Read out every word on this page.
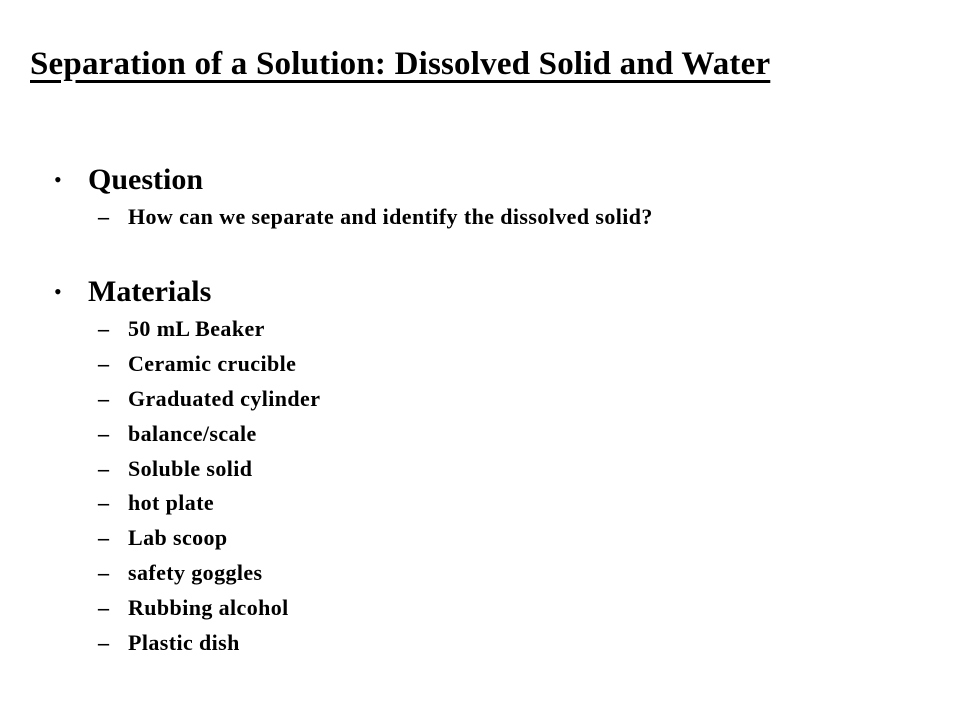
Separation of a Solution: Dissolved Solid and Water
• Question
– How can we separate and identify the dissolved solid?
• Materials
– 50 mL Beaker
– Ceramic crucible
– Graduated cylinder
– balance/scale
– Soluble solid
– hot plate
– Lab scoop
– safety goggles
– Rubbing alcohol
– Plastic dish
